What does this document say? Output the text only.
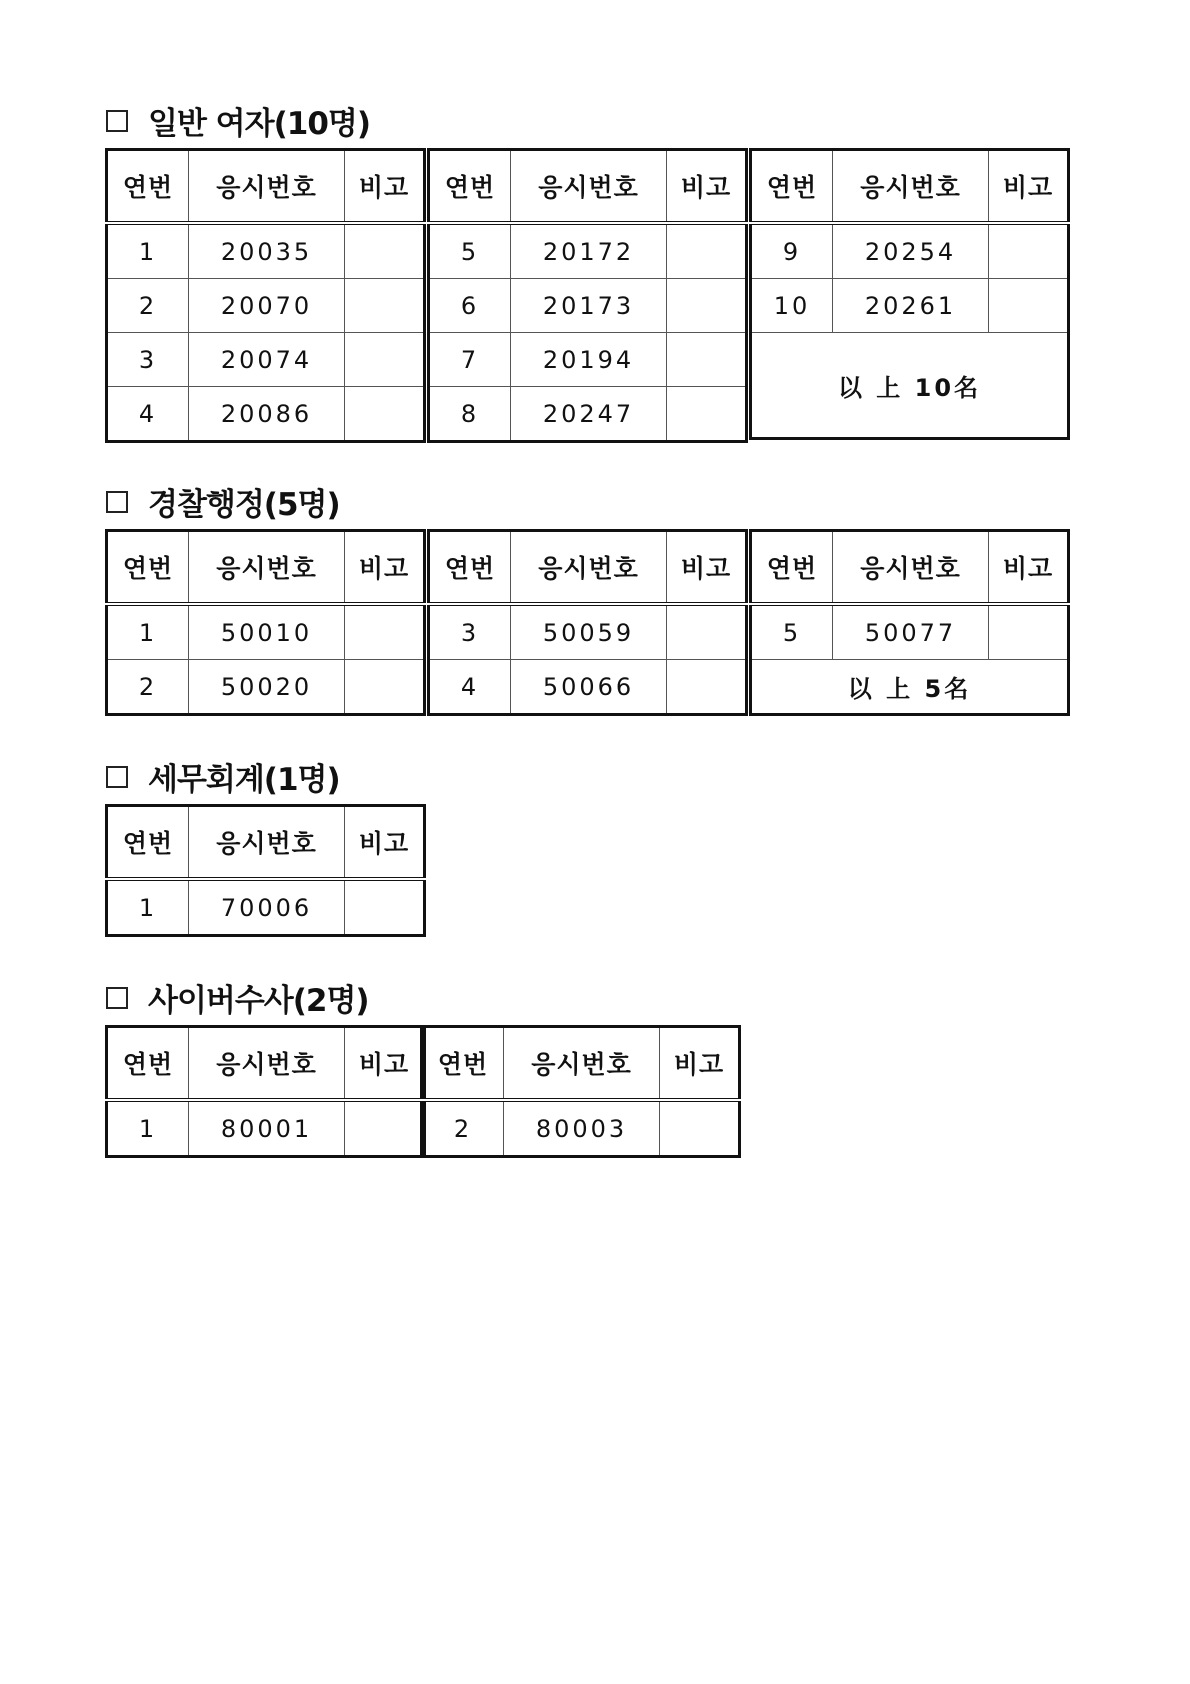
일반 여자(10명)
연번	응시번호	비고
1	20035	
2	20070	
3	20074	
4	20086	
연번	응시번호	비고
5	20172	
6	20173	
7	20194	
8	20247	
연번	응시번호	비고
9	20254	
10	20261	
以 上 10名		
경찰행정(5명)
연번	응시번호	비고
1	50010	
2	50020	
연번	응시번호	비고
3	50059	
4	50066	
연번	응시번호	비고
5	50077	
以 上 5名		
세무회계(1명)
연번	응시번호	비고
1	70006	
사이버수사(2명)
연번	응시번호	비고
1	80001	
연번	응시번호	비고
2	80003	
